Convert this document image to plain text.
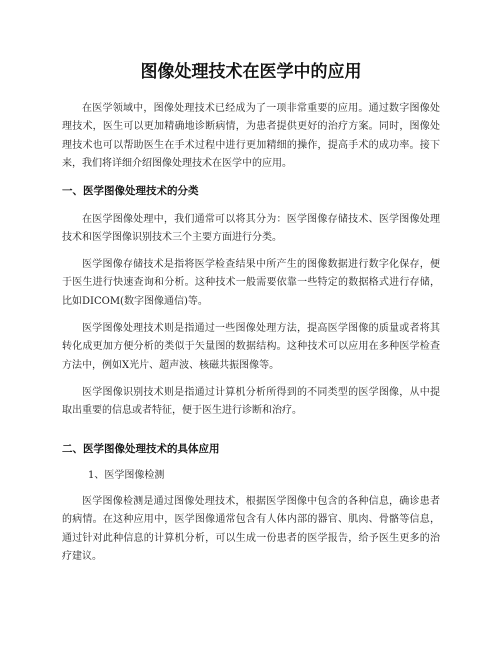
图像处理技术在医学中的应用

在医学领域中，图像处理技术已经成为了一项非常重要的应用。通过数字图像处理技术，医生可以更加精确地诊断病情，为患者提供更好的治疗方案。同时，图像处理技术也可以帮助医生在手术过程中进行更加精细的操作，提高手术的成功率。接下来，我们将详细介绍图像处理技术在医学中的应用。

一、医学图像处理技术的分类

在医学图像处理中，我们通常可以将其分为：医学图像存储技术、医学图像处理技术和医学图像识别技术三个主要方面进行分类。

医学图像存储技术是指将医学检查结果中所产生的图像数据进行数字化保存，便于医生进行快速查询和分析。这种技术一般需要依靠一些特定的数据格式进行存储，比如DICOM(数字图像通信)等。

医学图像处理技术则是指通过一些图像处理方法，提高医学图像的质量或者将其转化成更加方便分析的类似于矢量图的数据结构。这种技术可以应用在多种医学检查方法中，例如X光片、超声波、核磁共振图像等。

医学图像识别技术则是指通过计算机分析所得到的不同类型的医学图像，从中提取出重要的信息或者特征，便于医生进行诊断和治疗。

二、医学图像处理技术的具体应用
1、医学图像检测

医学图像检测是通过图像处理技术，根据医学图像中包含的各种信息，确诊患者的病情。在这种应用中，医学图像通常包含有人体内部的器官、肌肉、骨骼等信息，通过针对此种信息的计算机分析，可以生成一份患者的医学报告，给予医生更多的治疗建议。
